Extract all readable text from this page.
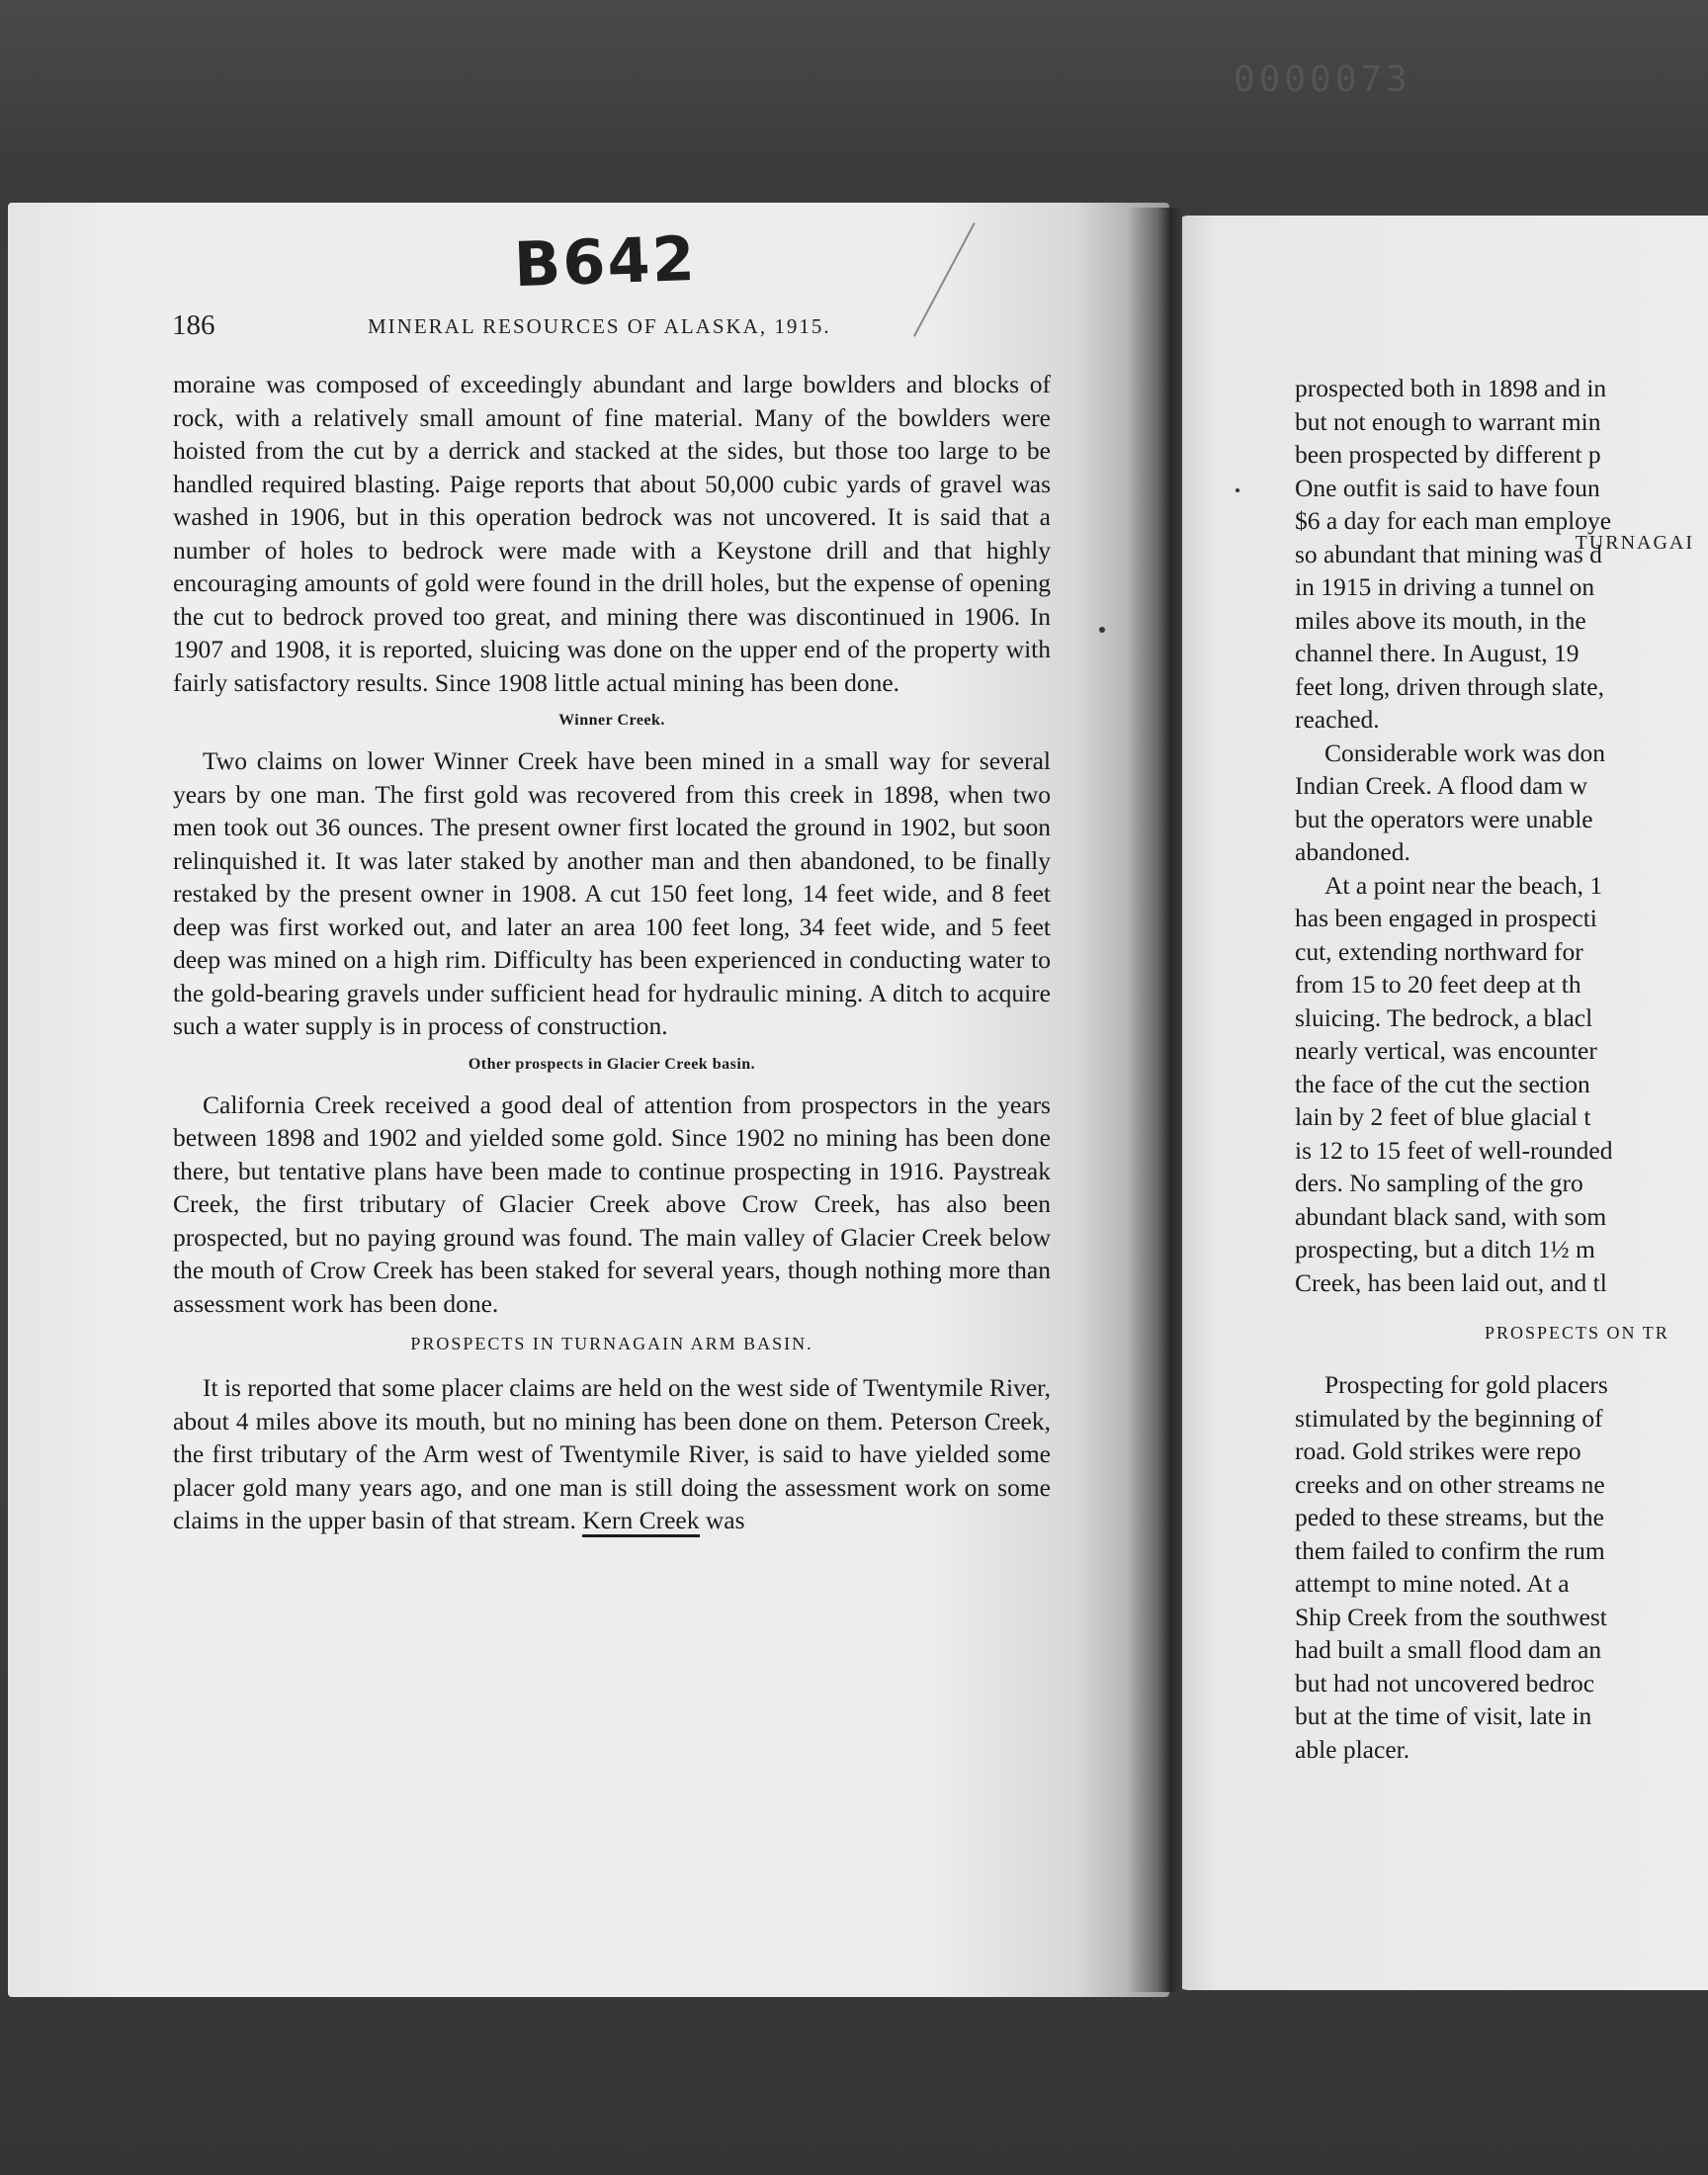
0000073
TURNAGAI
B642
186	MINERAL RESOURCES OF ALASKA, 1915.

moraine was composed of exceedingly abundant and large bowlders and blocks of rock, with a relatively small amount of fine material. Many of the bowlders were hoisted from the cut by a derrick and stacked at the sides, but those too large to be handled required blasting. Paige reports that about 50,000 cubic yards of gravel was washed in 1906, but in this operation bedrock was not uncovered. It is said that a number of holes to bedrock were made with a Keystone drill and that highly encouraging amounts of gold were found in the drill holes, but the expense of opening the cut to bedrock proved too great, and mining there was discontinued in 1906. In 1907 and 1908, it is reported, sluicing was done on the upper end of the property with fairly satisfactory results. Since 1908 little actual mining has been done.

Winner Creek.

Two claims on lower Winner Creek have been mined in a small way for several years by one man. The first gold was recovered from this creek in 1898, when two men took out 36 ounces. The present owner first located the ground in 1902, but soon relinquished it. It was later staked by another man and then abandoned, to be finally restaked by the present owner in 1908. A cut 150 feet long, 14 feet wide, and 8 feet deep was first worked out, and later an area 100 feet long, 34 feet wide, and 5 feet deep was mined on a high rim. Difficulty has been experienced in conducting water to the gold-bearing gravels under sufficient head for hydraulic mining. A ditch to acquire such a water supply is in process of construction.

Other prospects in Glacier Creek basin.

California Creek received a good deal of attention from prospectors in the years between 1898 and 1902 and yielded some gold. Since 1902 no mining has been done there, but tentative plans have been made to continue prospecting in 1916. Paystreak Creek, the first tributary of Glacier Creek above Crow Creek, has also been prospected, but no paying ground was found. The main valley of Glacier Creek below the mouth of Crow Creek has been staked for several years, though nothing more than assessment work has been done.

PROSPECTS IN TURNAGAIN ARM BASIN.

It is reported that some placer claims are held on the west side of Twentymile River, about 4 miles above its mouth, but no mining has been done on them. Peterson Creek, the first tributary of the Arm west of Twentymile River, is said to have yielded some placer gold many years ago, and one man is still doing the assessment work on some claims in the upper basin of that stream. Kern Creek was

prospected both in 1898 and in
but not enough to warrant min
been prospected by different p
One outfit is said to have foun
$6 a day for each man employe
so abundant that mining was d
in 1915 in driving a tunnel on
miles above its mouth, in the
channel there. In August, 19
feet long, driven through slate,
reached.
Considerable work was don
Indian Creek. A flood dam w
but the operators were unable
abandoned.
At a point near the beach, 1
has been engaged in prospecti
cut, extending northward for
from 15 to 20 feet deep at th
sluicing. The bedrock, a blacl
nearly vertical, was encounter
the face of the cut the section
lain by 2 feet of blue glacial t
is 12 to 15 feet of well-rounded
ders. No sampling of the gro
abundant black sand, with som
prospecting, but a ditch 1½ m
Creek, has been laid out, and tl
PROSPECTS ON TR
Prospecting for gold placers
stimulated by the beginning of
road. Gold strikes were repo
creeks and on other streams ne
peded to these streams, but the
them failed to confirm the rum
attempt to mine noted. At a
Ship Creek from the southwest
had built a small flood dam an
but had not uncovered bedroc
but at the time of visit, late in
able placer.
